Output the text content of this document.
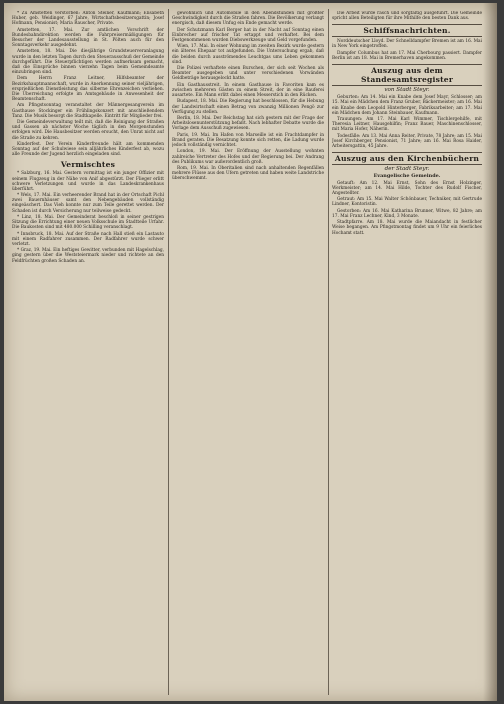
* Zu Amstetten verstorben: Anton Steiner, Kaufmann; Elisabeth Huber, geb. Weidinger, 67 Jahre, Wirtschaftsbesitzersgattin; Josef Hofmann, Pensionist; Maria Rauscher, Private.

Amstetten, 17. Mai. Zur amtlichen Vorschrift der Bundesbahndirektion werden die Fahrpreisermäßigungen für Besucher der Landesausstellung in St. Pölten auch für den Sonntagsverkehr ausgedehnt.

Amstetten, 18. Mai. Die diesjährige Grundsteuerveranlagung wurde in den letzten Tagen durch den Steuerausschuß der Gemeinde durchgeführt. Die Steuerpflichtigen werden aufmerksam gemacht, daß die Einsprüche binnen vierzehn Tagen beim Gemeindeamte einzubringen sind.

Dem Herrn Franz Leitner, Hilfsbeamter der Bezirkshauptmannschaft, wurde in Anerkennung seiner vieljährigen, ersprießlichen Dienstleistung das silberne Ehrenzeichen verliehen. Die Überreichung erfolgte im Amtsgebäude in Anwesenheit der Beamtenschaft.

Am Pfingstsonntag veranstaltet der Männergesangverein im Gasthause Stockinger ein Frühlingskonzert mit anschließendem Tanz. Die Musik besorgt die Stadtkapelle. Eintritt für Mitglieder frei.

Die Gemeindeverwaltung teilt mit, daß die Reinigung der Straßen und Gassen ab nächster Woche täglich in den Morgenstunden erfolgen wird. Die Hausbesitzer werden ersucht, den Unrat nicht auf die Straße zu kehren.

Kinderfest. Der Verein Kinderfreunde hält am kommenden Sonntag auf der Schulwiese sein alljährliches Kinderfest ab, wozu alle Freunde der Jugend herzlich eingeladen sind.

Vermischtes

* Salzburg, 16. Mai. Gestern vormittag ist ein junger Offizier mit seinem Flugzeug in der Nähe von Anif abgestürzt. Der Flieger erlitt schwere Verletzungen und wurde in das Landeskrankenhaus überführt.

* Wels, 17. Mai. Ein verheerender Brand hat in der Ortschaft Pichl zwei Bauernhäuser samt den Nebengebäuden vollständig eingeäschert. Das Vieh konnte nur zum Teile gerettet werden. Der Schaden ist durch Versicherung nur teilweise gedeckt.

* Linz, 18. Mai. Der Gemeinderat beschloß in seiner gestrigen Sitzung die Errichtung einer neuen Volksschule im Stadtteile Urfahr. Die Baukosten sind mit 480.000 Schilling veranschlagt.

* Innsbruck, 18. Mai. Auf der Straße nach Hall stieß ein Lastauto mit einem Radfahrer zusammen. Der Radfahrer wurde schwer verletzt.

* Graz, 19. Mai. Ein heftiges Gewitter, verbunden mit Hagelschlag, ging gestern über die Weststeiermark nieder und richtete an den Feldfrüchten großen Schaden an.

gewöhnlich und Automobile in den Abendstunden mit größter Geschwindigkeit durch die Straßen fahren. Die Bevölkerung verlangt energisch, daß diesem Unfug ein Ende gemacht werde.

Der Schutzmann Karl Berger hat in der Nacht auf Sonntag einen Einbrecher auf frischer Tat ertappt und verhaftet. Bei dem Festgenommenen wurden Diebswerkzeuge und Geld vorgefunden.

Wien, 17. Mai. In einer Wohnung im zweiten Bezirk wurde gestern ein älteres Ehepaar tot aufgefunden. Die Untersuchung ergab, daß die beiden durch ausströmendes Leuchtgas ums Leben gekommen sind.

Die Polizei verhaftete einen Burschen, der sich seit Wochen als Beamter ausgegeben und unter verschiedenen Vorwänden Geldbeträge herausgelockt hatte.

Ein Gasthausstreit. In einem Gasthause in Favoriten kam es zwischen mehreren Gästen zu einem Streit, der in eine Rauferei ausartete. Ein Mann erlitt dabei einen Messerstich in den Rücken.

Budapest, 18. Mai. Die Regierung hat beschlossen, für die Hebung der Landwirtschaft einen Betrag von zwanzig Millionen Pengö zur Verfügung zu stellen.

Berlin, 18. Mai. Der Reichstag hat sich gestern mit der Frage der Arbeitslosenunterstützung befaßt. Nach lebhafter Debatte wurde die Vorlage dem Ausschuß zugewiesen.

Paris, 19. Mai. Im Hafen von Marseille ist ein Frachtdampfer in Brand geraten. Die Besatzung konnte sich retten, die Ladung wurde jedoch vollständig vernichtet.

London, 19. Mai. Der Eröffnung der Ausstellung wohnten zahlreiche Vertreter des Hofes und der Regierung bei. Der Andrang des Publikums war außerordentlich groß.

Rom, 19. Mai. In Oberitalien sind nach anhaltenden Regenfällen mehrere Flüsse aus den Ufern getreten und haben weite Landstriche überschwemmt.

Die Arbeit wurde rasch und sorgfältig ausgeführt. Die Gemeinde spricht allen Beteiligten für ihre Mithilfe den besten Dank aus.

Schiffsnachrichten.

Norddeutscher Lloyd. Der Schnelldampfer Bremen ist am 16. Mai in New York eingetroffen.

Dampfer Columbus hat am 17. Mai Cherbourg passiert. Dampfer Berlin ist am 18. Mai in Bremerhaven angekommen.

Auszug aus dem Standesamtsregister
von Stadt Steyr.

Geburten: Am 14. Mai ein Knabe dem Josef Mayr, Schlosser; am 15. Mai ein Mädchen dem Franz Gruber, Bäckermeister; am 16. Mai ein Knabe dem Leopold Hinterberger, Fabriksarbeiter; am 17. Mai ein Mädchen dem Johann Steinbauer, Kaufmann.

Trauungen: Am 17. Mai Karl Wimmer, Tischlergehilfe, mit Theresia Leitner, Hausgehilfin; Franz Bauer, Maschinenschlosser, mit Maria Hofer, Näherin.

Todesfälle: Am 13. Mai Anna Reiter, Private, 78 Jahre; am 15. Mai Josef Kirchberger, Pensionist, 71 Jahre; am 16. Mai Rosa Haider, Arbeitersgattin, 45 Jahre.

Auszug aus den Kirchenbüchern
der Stadt Steyr.
Evangelische Gemeinde.

Getauft: Am 12. Mai Ernst, Sohn des Ernst Holzinger, Werkmeister; am 14. Mai Hilde, Tochter des Rudolf Fischer, Angestellter.

Getraut: Am 15. Mai Walter Schönbauer, Techniker, mit Gertrude Lindner, Kontoristin.

Gestorben: Am 16. Mai Katharina Brunner, Witwe, 82 Jahre; am 17. Mai Franz Lechner, Kind, 3 Monate.

Stadtpfarre. Am 18. Mai wurde die Maiandacht in festlicher Weise begangen. Am Pfingstmontag findet um 9 Uhr ein feierliches Hochamt statt.
